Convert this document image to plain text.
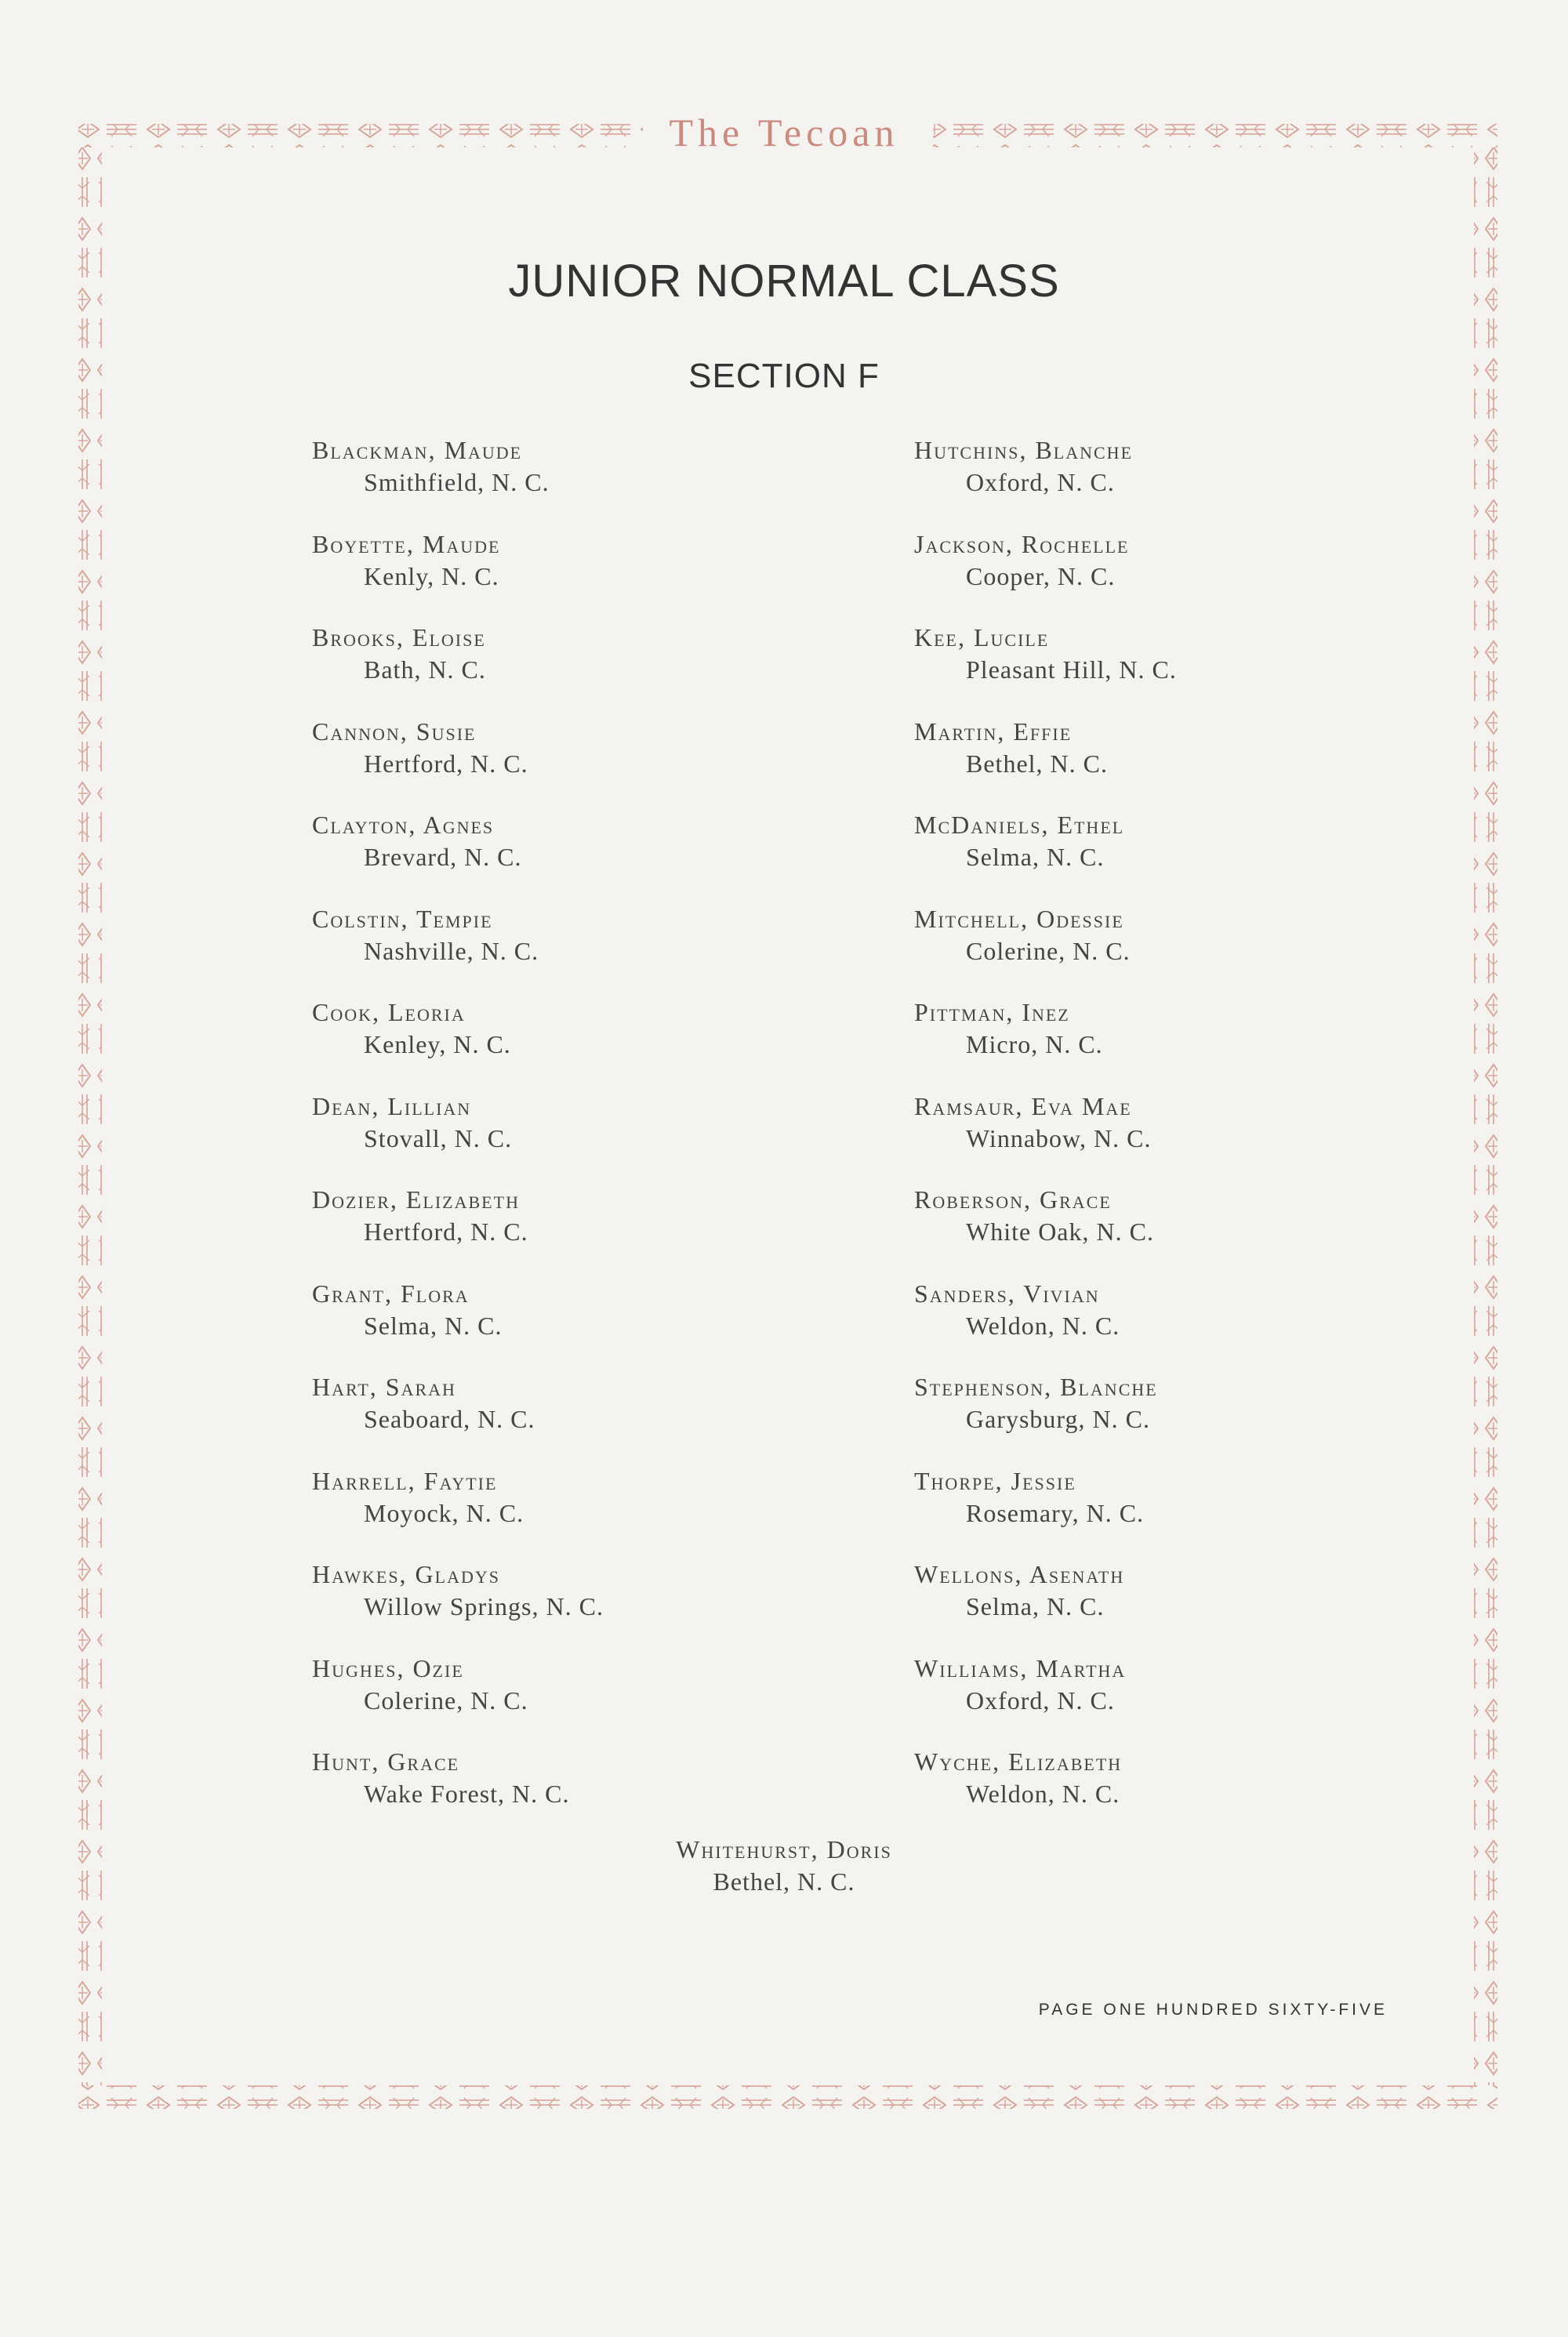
The Tecoan
JUNIOR NORMAL CLASS
SECTION F
Blackman, Maude
Smithfield, N. C.
Boyette, Maude
Kenly, N. C.
Brooks, Eloise
Bath, N. C.
Cannon, Susie
Hertford, N. C.
Clayton, Agnes
Brevard, N. C.
Colstin, Tempie
Nashville, N. C.
Cook, Leoria
Kenley, N. C.
Dean, Lillian
Stovall, N. C.
Dozier, Elizabeth
Hertford, N. C.
Grant, Flora
Selma, N. C.
Hart, Sarah
Seaboard, N. C.
Harrell, Faytie
Moyock, N. C.
Hawkes, Gladys
Willow Springs, N. C.
Hughes, Ozie
Colerine, N. C.
Hunt, Grace
Wake Forest, N. C.
Hutchins, Blanche
Oxford, N. C.
Jackson, Rochelle
Cooper, N. C.
Kee, Lucile
Pleasant Hill, N. C.
Martin, Effie
Bethel, N. C.
McDaniels, Ethel
Selma, N. C.
Mitchell, Odessie
Colerine, N. C.
Pittman, Inez
Micro, N. C.
Ramsaur, Eva Mae
Winnabow, N. C.
Roberson, Grace
White Oak, N. C.
Sanders, Vivian
Weldon, N. C.
Stephenson, Blanche
Garysburg, N. C.
Thorpe, Jessie
Rosemary, N. C.
Wellons, Asenath
Selma, N. C.
Williams, Martha
Oxford, N. C.
Wyche, Elizabeth
Weldon, N. C.
Whitehurst, Doris
Bethel, N. C.
PAGE ONE HUNDRED SIXTY-FIVE
